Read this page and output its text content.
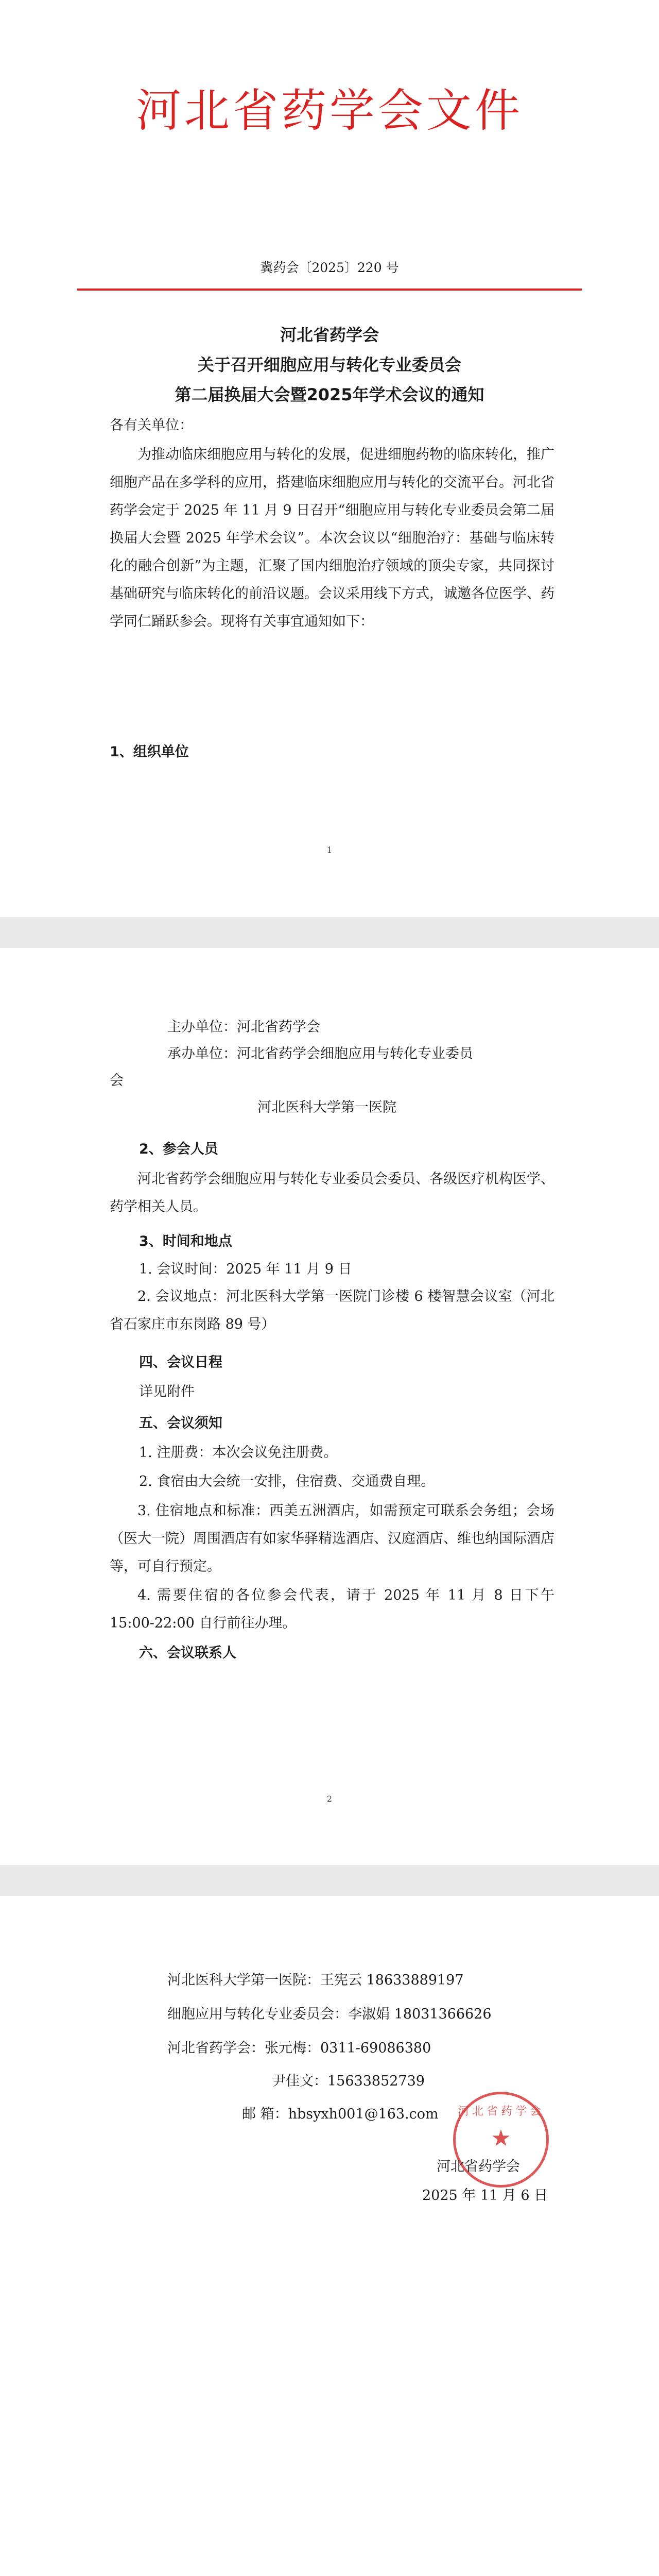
河北省药学会文件
冀药会〔2025〕220 号
河北省药学会
关于召开细胞应用与转化专业委员会
第二届换届大会暨2025年学术会议的通知
各有关单位：
为推动临床细胞应用与转化的发展，促进细胞药物的临床转化，推广细胞产品在多学科的应用，搭建临床细胞应用与转化的交流平台。河北省药学会定于 2025 年 11 月 9 日召开“细胞应用与转化专业委员会第二届换届大会暨 2025 年学术会议”。本次会议以“细胞治疗：基础与临床转化的融合创新”为主题，汇聚了国内细胞治疗领域的顶尖专家，共同探讨基础研究与临床转化的前沿议题。会议采用线下方式，诚邀各位医学、药学同仁踊跃参会。现将有关事宜通知如下：
1、组织单位
1
主办单位：河北省药学会
承办单位：河北省药学会细胞应用与转化专业委员
会
河北医科大学第一医院
2、参会人员
河北省药学会细胞应用与转化专业委员会委员、各级医疗机构医学、药学相关人员。
3、时间和地点
1. 会议时间：2025 年 11 月 9 日
2. 会议地点：河北医科大学第一医院门诊楼 6 楼智慧会议室（河北省石家庄市东岗路 89 号）
四、会议日程
详见附件
五、会议须知
1. 注册费：本次会议免注册费。
2. 食宿由大会统一安排，住宿费、交通费自理。
3. 住宿地点和标准：西美五洲酒店，如需预定可联系会务组；会场（医大一院）周围酒店有如家华驿精选酒店、汉庭酒店、维也纳国际酒店等，可自行预定。
4. 需要住宿的各位参会代表，请于 2025 年 11 月 8 日下午 15:00-22:00 自行前往办理。
六、会议联系人
2
河北医科大学第一医院：王宪云 18633889197
细胞应用与转化专业委员会：李淑娟 18031366626
河北省药学会：张元梅：0311-69086380
尹佳文：15633852739
邮 箱：hbsyxh001@163.com 河北省药学会
★
河北省药学会
2025 年 11 月 6 日
